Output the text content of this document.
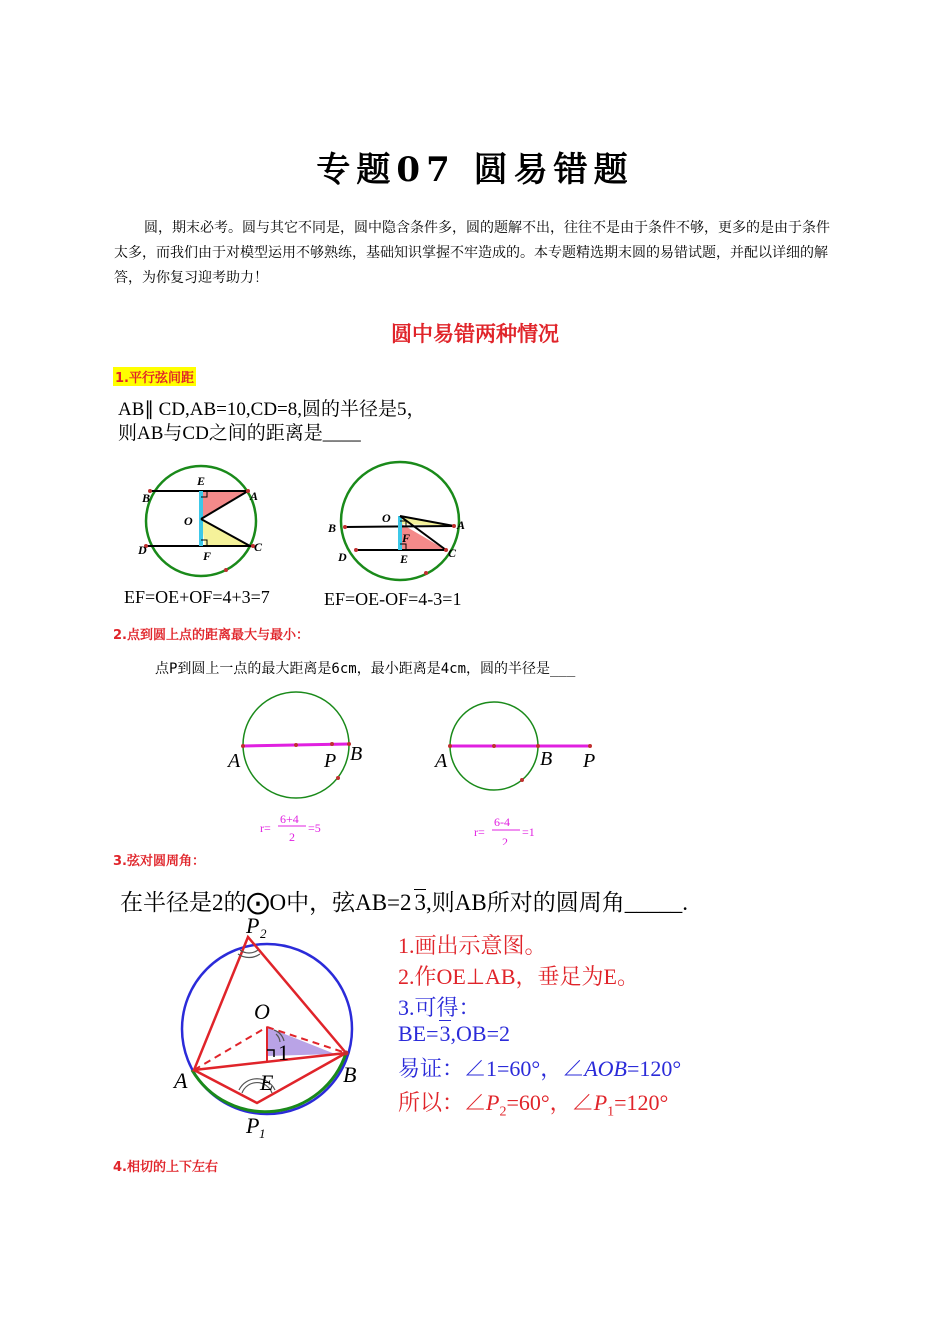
专题07 圆易错题
圆，期末必考。圆与其它不同是，圆中隐含条件多，圆的题解不出，往往不是由于条件不够，更多的是由于条件太多，而我们由于对模型运用不够熟练，基础知识掌握不牢造成的。本专题精选期末圆的易错试题，并配以详细的解答，为你复习迎考助力！
圆中易错两种情况
1.平行弦间距
AB∥ CD,AB=10,CD=8,圆的半径是5，
则AB与CD之间的距离是____
B
E
A
O
D	F
C
B
O	A
F
D	E	C
EF=OE+OF=4+3=7	EF=OE-OF=4-3=1
2.点到圆上点的距离最大与最小：
点P到圆上一点的最大距离是6cm，最小距离是4cm，圆的半径是___
A	P B
r=
6+4
2
=5
A	B P
r=
6-4
2
=1
3.弦对圆周角：
在半径是2的⨀O中，弦AB=2 3,则AB所对的圆周角_____.
P 2
O
1
A	E	B
P 1
1.画出示意图。
2.作OE⊥AB，垂足为E。
3.可得：
BE=3,OB=2
易证：∠1=60°，∠AOB=120°
所以：$\angle P_2=60^\circ$，$\angle P_1=120^\circ$
4.相切的上下左右
